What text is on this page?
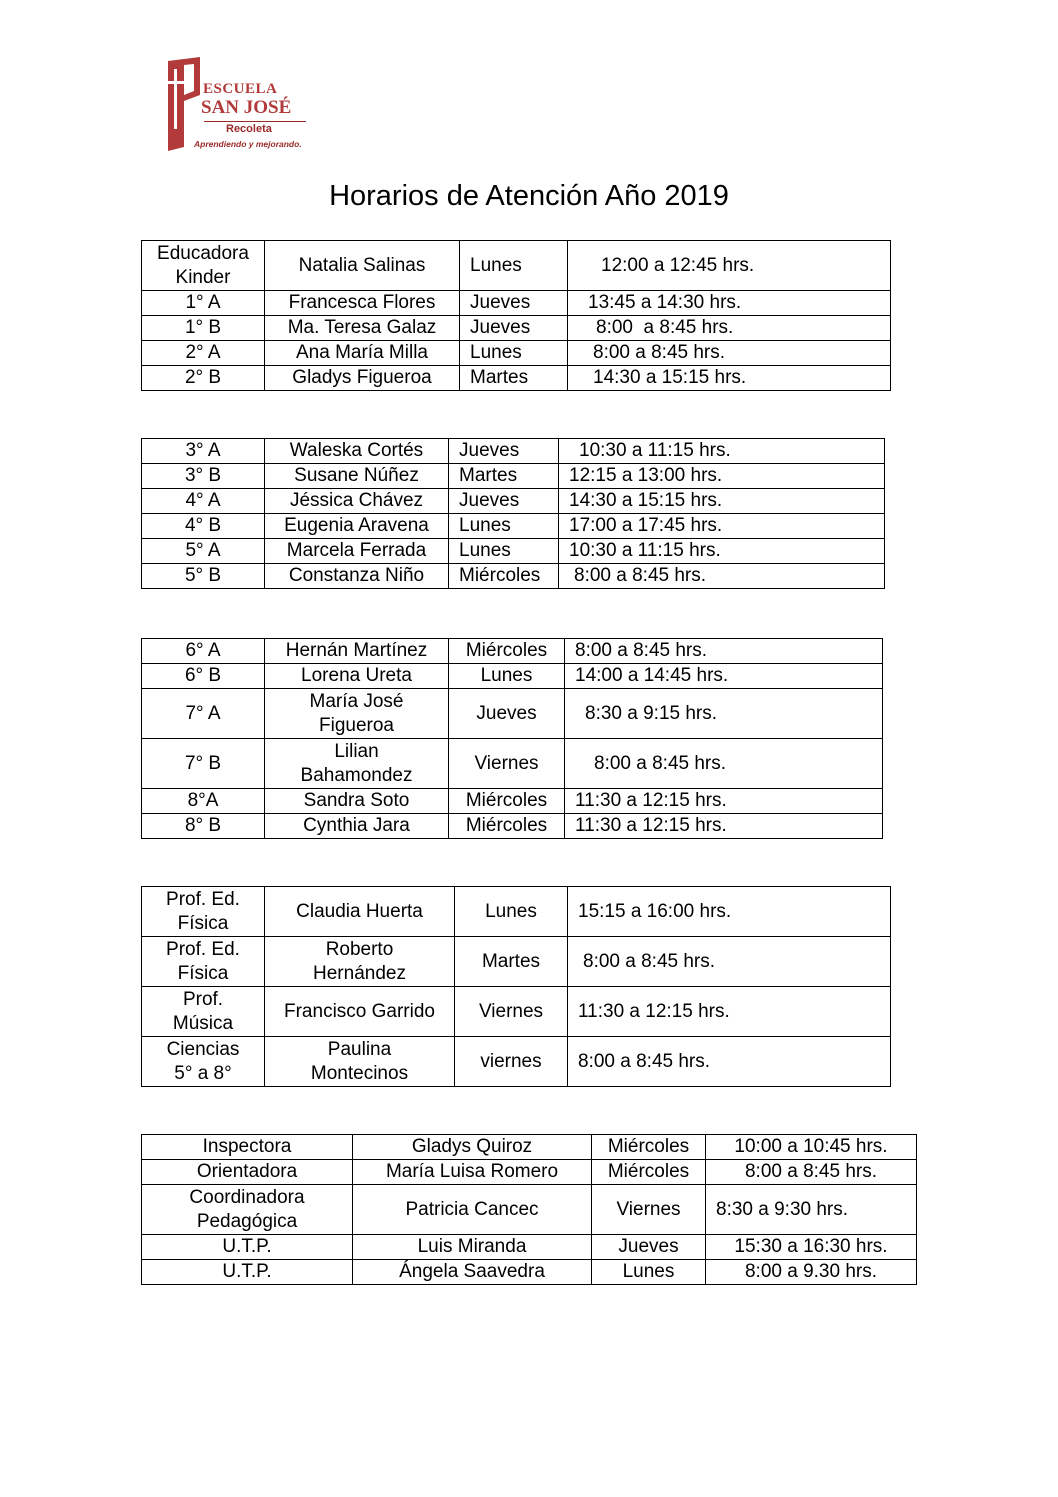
ESCUELA
SAN JOSÉ
Recoleta
Aprendiendo y mejorando.
Horarios de Atención Año 2019
Educadora Kinder	Natalia Salinas	Lunes	12:00 a 12:45 hrs.
1° A	Francesca Flores	Jueves	13:45 a 14:30 hrs.
1° B	Ma. Teresa Galaz	Jueves	8:00  a 8:45 hrs.
2° A	Ana María Milla	Lunes	8:00 a 8:45 hrs.
2° B	Gladys Figueroa	Martes	14:30 a 15:15 hrs.
3° A	Waleska Cortés	Jueves	10:30 a 11:15 hrs.
3° B	Susane Núñez	Martes	12:15 a 13:00 hrs.
4° A	Jéssica Chávez	Jueves	14:30 a 15:15 hrs.
4° B	Eugenia Aravena	Lunes	17:00 a 17:45 hrs.
5° A	Marcela Ferrada	Lunes	10:30 a 11:15 hrs.
5° B	Constanza Niño	Miércoles	8:00 a 8:45 hrs.
6° A	Hernán Martínez	Miércoles	8:00 a 8:45 hrs.
6° B	Lorena Ureta	Lunes	14:00 a 14:45 hrs.
7° A	María José Figueroa	Jueves	8:30 a 9:15 hrs.
7° B	Lilian Bahamondez	Viernes	8:00 a 8:45 hrs.
8°A	Sandra Soto	Miércoles	11:30 a 12:15 hrs.
8° B	Cynthia Jara	Miércoles	11:30 a 12:15 hrs.
Prof. Ed. Física	Claudia Huerta	Lunes	15:15 a 16:00 hrs.
Prof. Ed. Física	Roberto Hernández	Martes	8:00 a 8:45 hrs.
Prof. Música	Francisco Garrido	Viernes	11:30 a 12:15 hrs.
Ciencias 5° a 8°	Paulina Montecinos	viernes	8:00 a 8:45 hrs.
Inspectora	Gladys Quiroz	Miércoles	10:00 a 10:45 hrs.
Orientadora	María Luisa Romero	Miércoles	8:00 a 8:45 hrs.
Coordinadora Pedagógica	Patricia Cancec	Viernes	8:30 a 9:30 hrs.
U.T.P.	Luis Miranda	Jueves	15:30 a 16:30 hrs.
U.T.P.	Ángela Saavedra	Lunes	8:00 a 9.30 hrs.
